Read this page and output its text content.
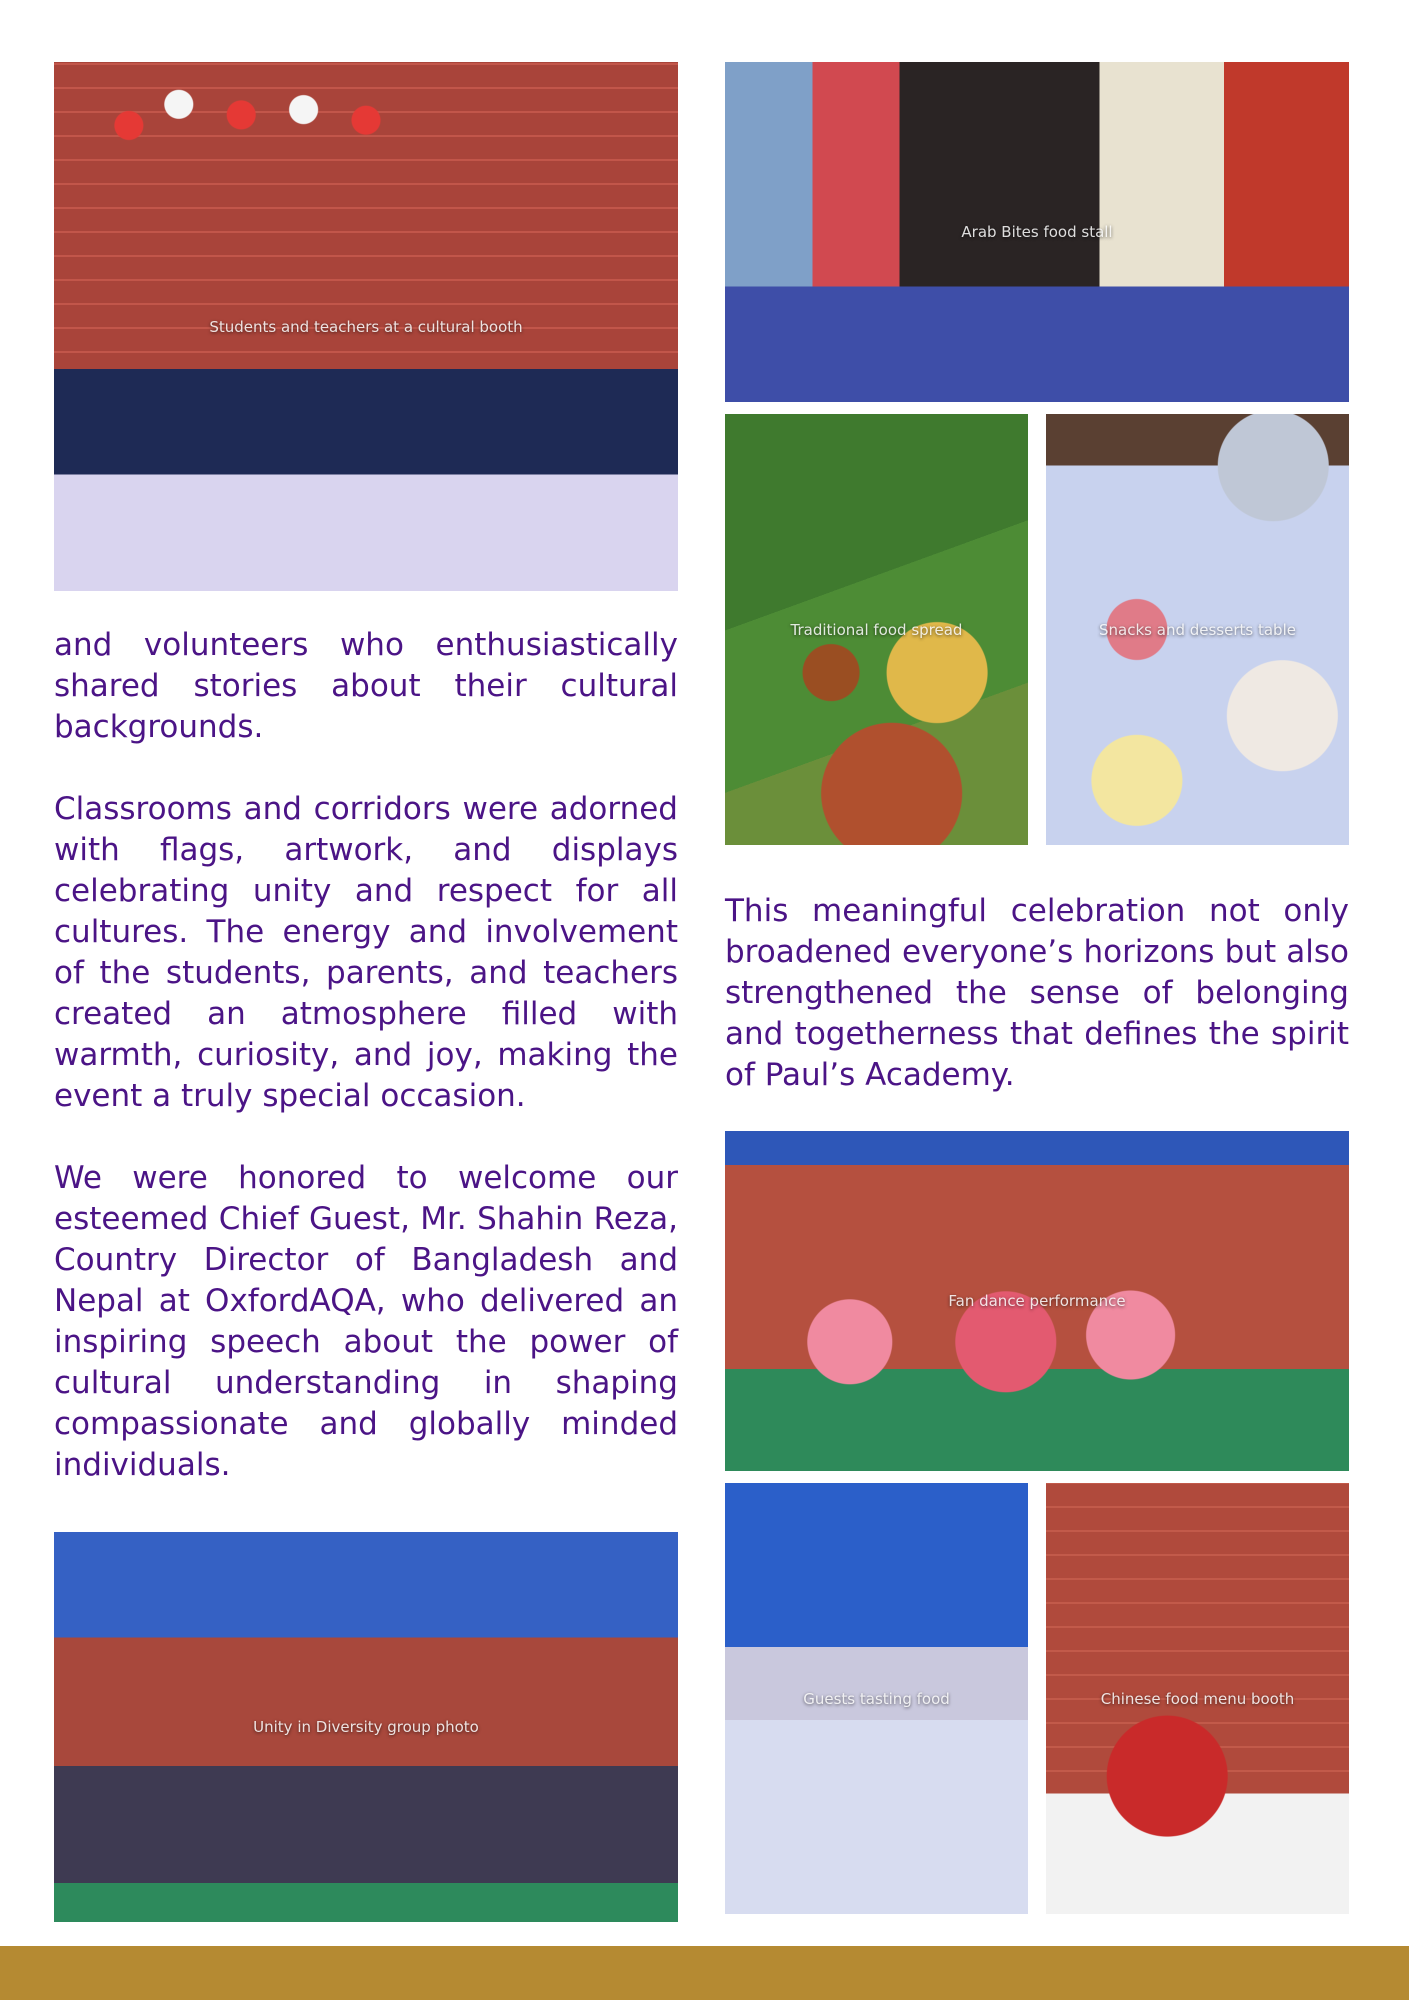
Students and teachers at a cultural booth
Arab Bites food stall
Traditional food spread	Snacks and desserts table
Fan dance performance
Guests tasting food	Chinese food menu booth
Unity in Diversity group photo

and volunteers who enthusiastically shared stories about their cultural backgrounds.

Classrooms and corridors were adorned with flags, artwork, and displays celebrating unity and respect for all cultures. The energy and involvement of the students, parents, and teachers created an atmosphere filled with warmth, curiosity, and joy, making the event a truly special occasion.

We were honored to welcome our esteemed Chief Guest, Mr. Shahin Reza, Country Director of Bangladesh and Nepal at OxfordAQA, who delivered an inspiring speech about the power of cultural understanding in shaping compassionate and globally minded individuals.

This meaningful celebration not only broadened everyone’s horizons but also strengthened the sense of belonging and togetherness that defines the spirit of Paul’s Academy.
